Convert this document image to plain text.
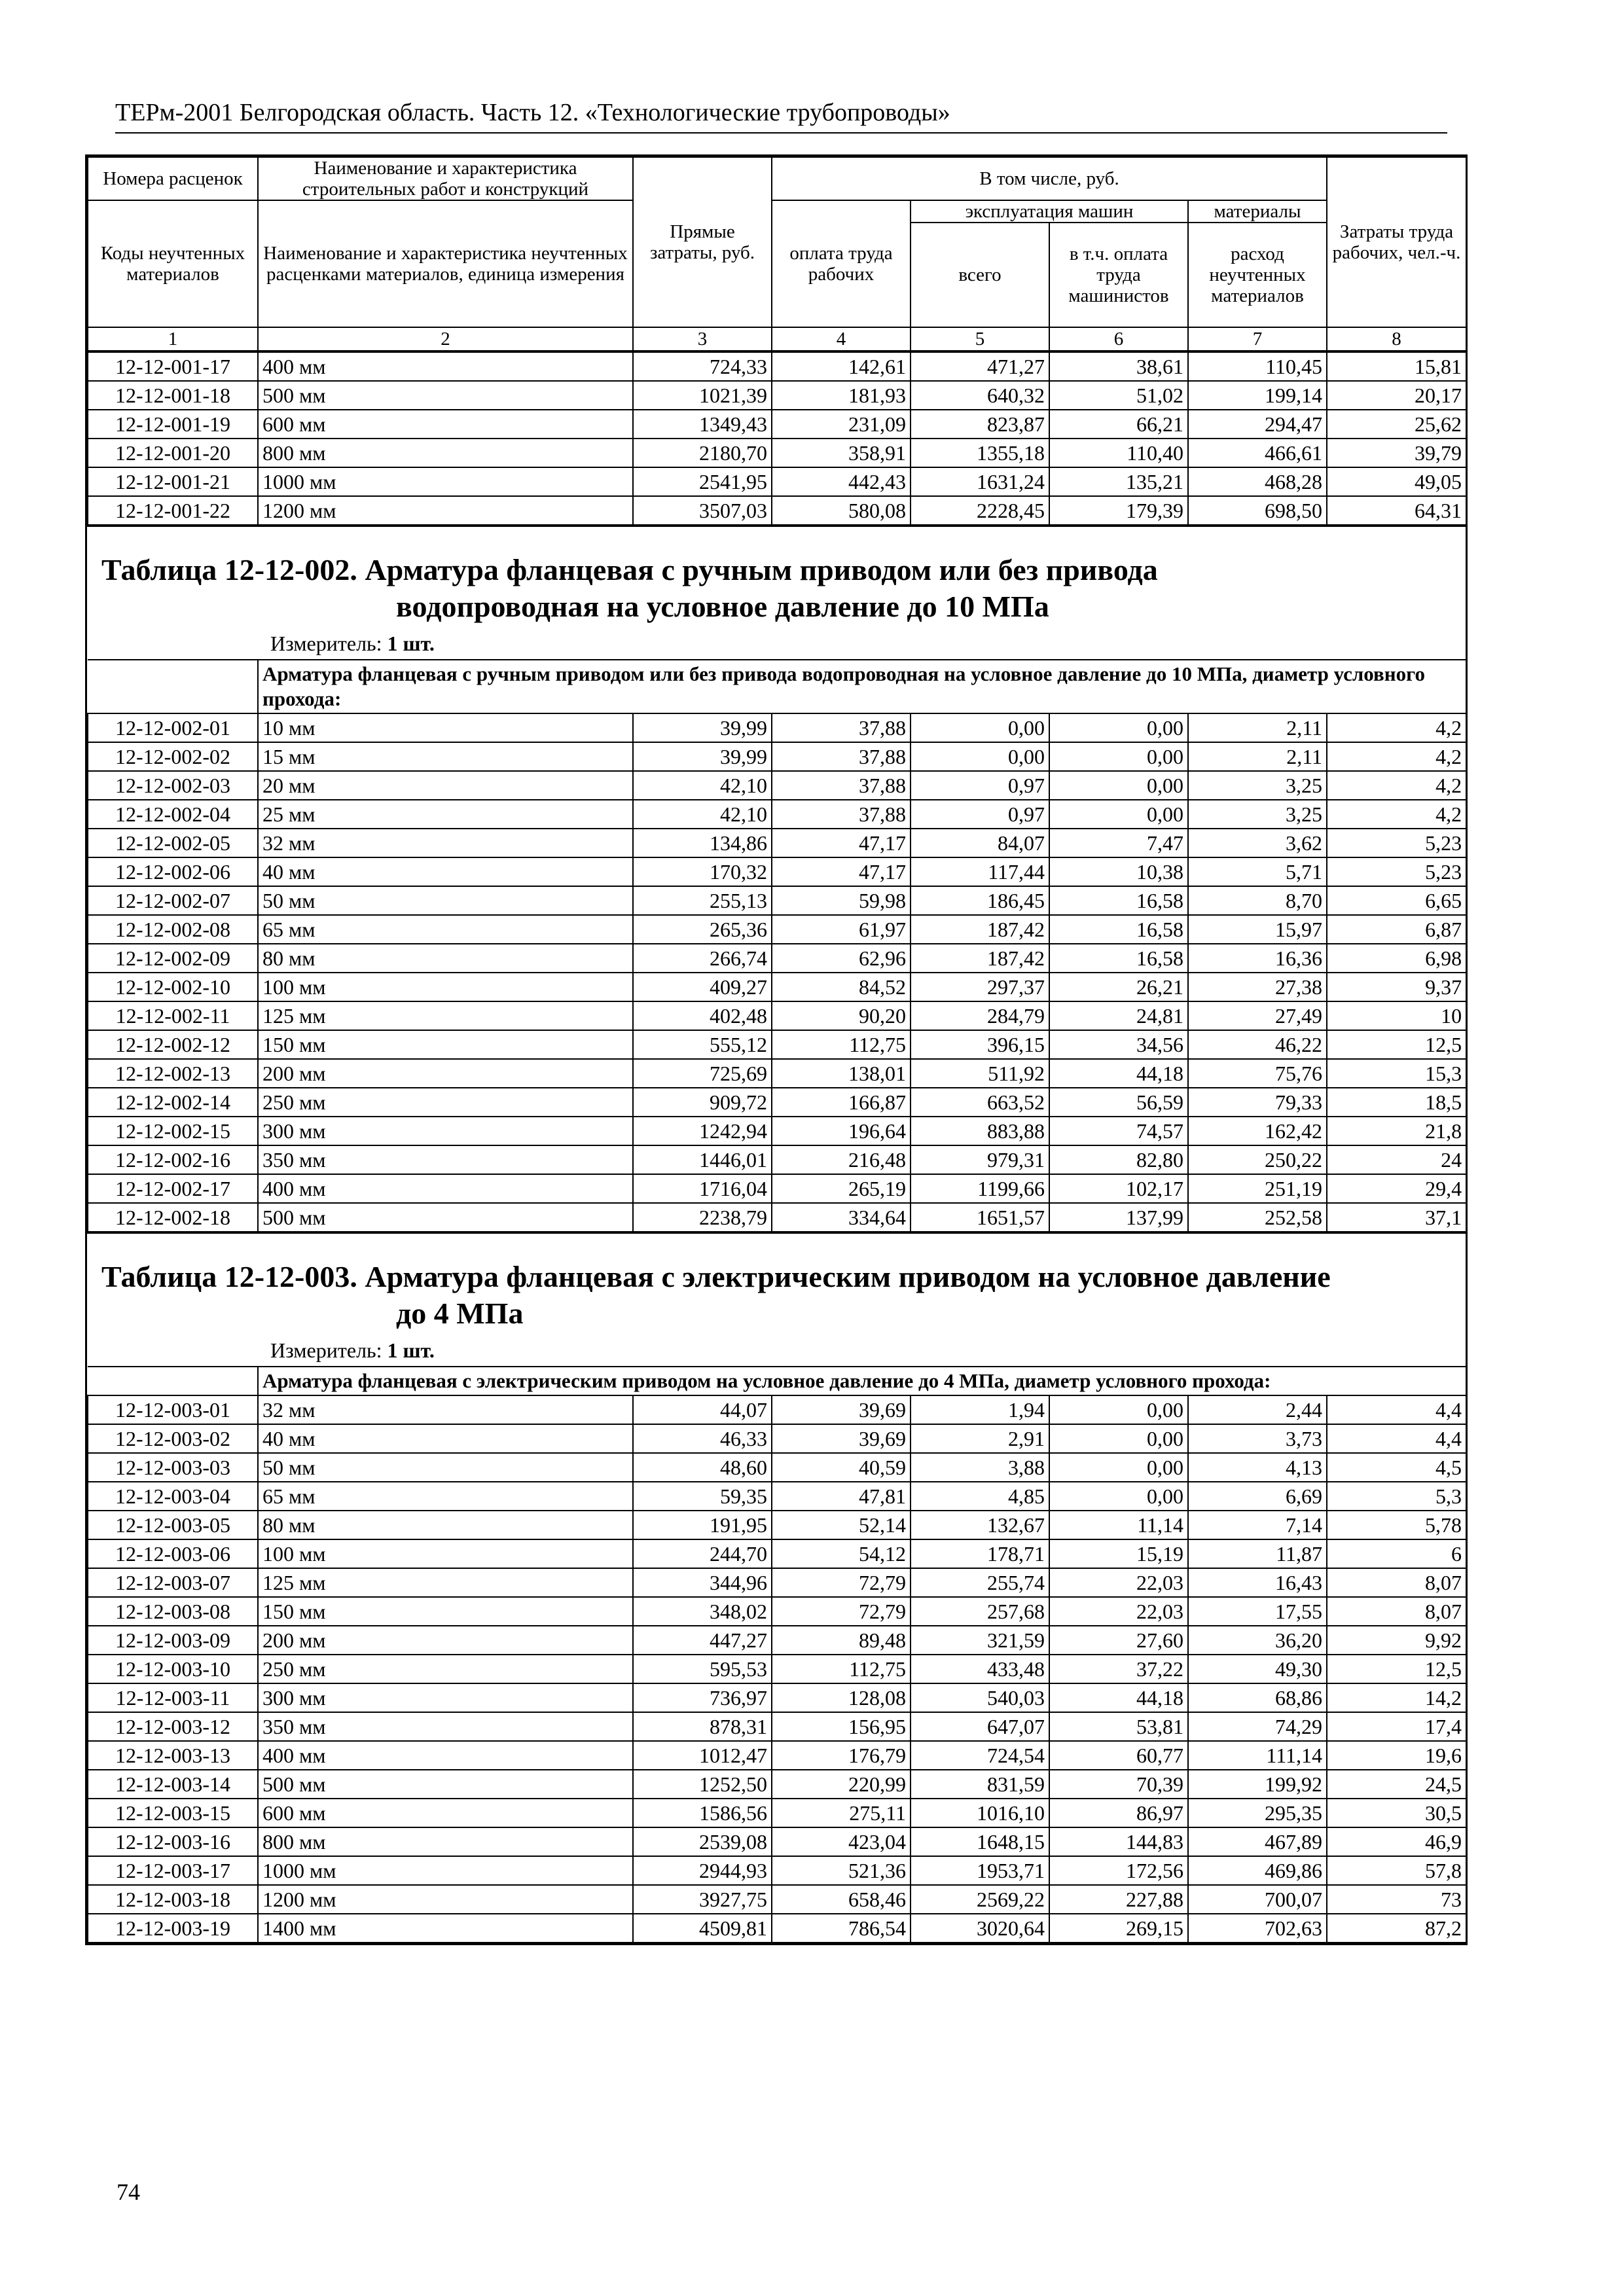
ТЕРм-2001 Белгородская область. Часть 12. «Технологические трубопроводы»
Номера расценок	Наименование и характеристика строительных работ и конструкций	Прямые затраты, руб.	В том числе, руб.				Затраты труда рабочих, чел.-ч.
Коды неучтенных материалов	Наименование и характеристика неучтенных расценками материалов, единица измерения		оплата труда рабочих	эксплуатация машин		материалы	
				всего	в т.ч. оплата труда машинистов	расход неучтенных материалов	
1	2	3	4	5	6	7	8
12-12-001-17	400 мм	724,33	142,61	471,27	38,61	110,45	15,81
12-12-001-18	500 мм	1021,39	181,93	640,32	51,02	199,14	20,17
12-12-001-19	600 мм	1349,43	231,09	823,87	66,21	294,47	25,62
12-12-001-20	800 мм	2180,70	358,91	1355,18	110,40	466,61	39,79
12-12-001-21	1000 мм	2541,95	442,43	1631,24	135,21	468,28	49,05
12-12-001-22	1200 мм	3507,03	580,08	2228,45	179,39	698,50	64,31
Таблица 12-12-002. Арматура фланцевая с ручным приводом или без привода
водопроводная на условное давление до 10 МПа
Измеритель: 1 шт.
	Арматура фланцевая с ручным приводом или без привода водопроводная на условное давление до 10 МПа, диаметр условного прохода:						
12-12-002-01	10 мм	39,99	37,88	0,00	0,00	2,11	4,2
12-12-002-02	15 мм	39,99	37,88	0,00	0,00	2,11	4,2
12-12-002-03	20 мм	42,10	37,88	0,97	0,00	3,25	4,2
12-12-002-04	25 мм	42,10	37,88	0,97	0,00	3,25	4,2
12-12-002-05	32 мм	134,86	47,17	84,07	7,47	3,62	5,23
12-12-002-06	40 мм	170,32	47,17	117,44	10,38	5,71	5,23
12-12-002-07	50 мм	255,13	59,98	186,45	16,58	8,70	6,65
12-12-002-08	65 мм	265,36	61,97	187,42	16,58	15,97	6,87
12-12-002-09	80 мм	266,74	62,96	187,42	16,58	16,36	6,98
12-12-002-10	100 мм	409,27	84,52	297,37	26,21	27,38	9,37
12-12-002-11	125 мм	402,48	90,20	284,79	24,81	27,49	10
12-12-002-12	150 мм	555,12	112,75	396,15	34,56	46,22	12,5
12-12-002-13	200 мм	725,69	138,01	511,92	44,18	75,76	15,3
12-12-002-14	250 мм	909,72	166,87	663,52	56,59	79,33	18,5
12-12-002-15	300 мм	1242,94	196,64	883,88	74,57	162,42	21,8
12-12-002-16	350 мм	1446,01	216,48	979,31	82,80	250,22	24
12-12-002-17	400 мм	1716,04	265,19	1199,66	102,17	251,19	29,4
12-12-002-18	500 мм	2238,79	334,64	1651,57	137,99	252,58	37,1
Таблица 12-12-003. Арматура фланцевая с электрическим приводом на условное давление
до 4 МПа
Измеритель: 1 шт.
	Арматура фланцевая с электрическим приводом на условное давление до 4 МПа, диаметр условного прохода:						
12-12-003-01	32 мм	44,07	39,69	1,94	0,00	2,44	4,4
12-12-003-02	40 мм	46,33	39,69	2,91	0,00	3,73	4,4
12-12-003-03	50 мм	48,60	40,59	3,88	0,00	4,13	4,5
12-12-003-04	65 мм	59,35	47,81	4,85	0,00	6,69	5,3
12-12-003-05	80 мм	191,95	52,14	132,67	11,14	7,14	5,78
12-12-003-06	100 мм	244,70	54,12	178,71	15,19	11,87	6
12-12-003-07	125 мм	344,96	72,79	255,74	22,03	16,43	8,07
12-12-003-08	150 мм	348,02	72,79	257,68	22,03	17,55	8,07
12-12-003-09	200 мм	447,27	89,48	321,59	27,60	36,20	9,92
12-12-003-10	250 мм	595,53	112,75	433,48	37,22	49,30	12,5
12-12-003-11	300 мм	736,97	128,08	540,03	44,18	68,86	14,2
12-12-003-12	350 мм	878,31	156,95	647,07	53,81	74,29	17,4
12-12-003-13	400 мм	1012,47	176,79	724,54	60,77	111,14	19,6
12-12-003-14	500 мм	1252,50	220,99	831,59	70,39	199,92	24,5
12-12-003-15	600 мм	1586,56	275,11	1016,10	86,97	295,35	30,5
12-12-003-16	800 мм	2539,08	423,04	1648,15	144,83	467,89	46,9
12-12-003-17	1000 мм	2944,93	521,36	1953,71	172,56	469,86	57,8
12-12-003-18	1200 мм	3927,75	658,46	2569,22	227,88	700,07	73
12-12-003-19	1400 мм	4509,81	786,54	3020,64	269,15	702,63	87,2
74
